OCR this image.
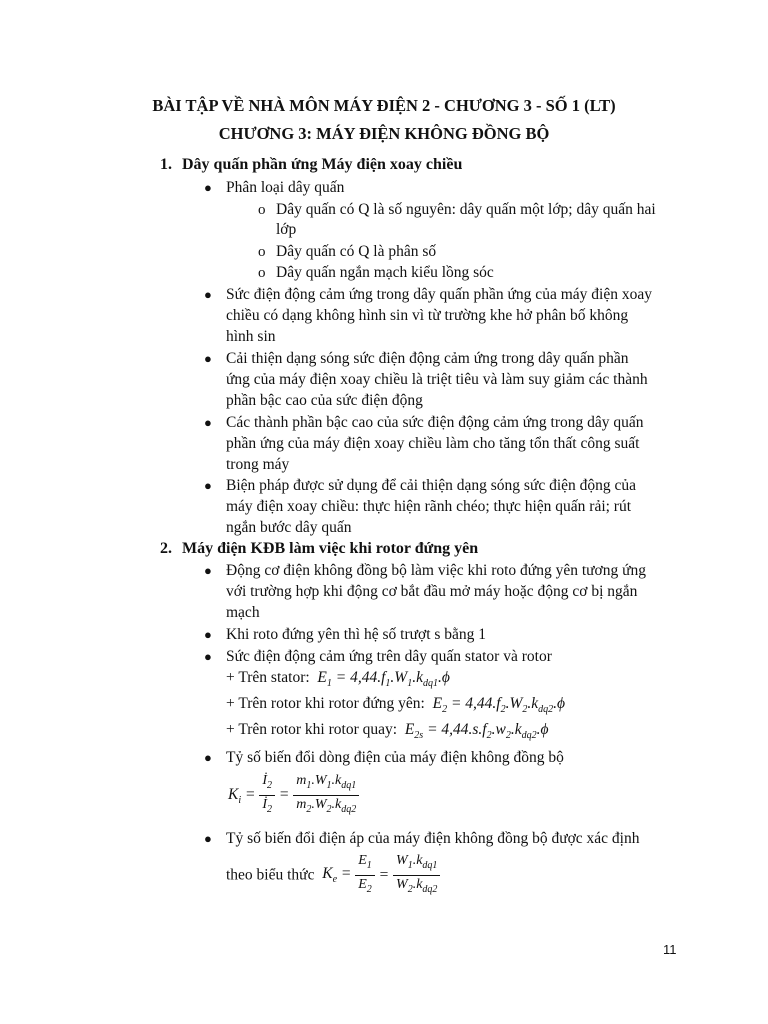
BÀI TẬP VỀ NHÀ MÔN MÁY ĐIỆN 2 - CHƯƠNG 3 - SỐ 1 (LT)
CHƯƠNG 3: MÁY ĐIỆN KHÔNG ĐỒNG BỘ
1. Dây quấn phần ứng Máy điện xoay chiều
● Phân loại dây quấn
o Dây quấn có Q là số nguyên: dây quấn một lớp; dây quấn hai
lớp
o Dây quấn có Q là phân số
o Dây quấn ngắn mạch kiểu lồng sóc
● Sức điện động cảm ứng trong dây quấn phần ứng của máy điện xoay
chiều có dạng không hình sin vì từ trường khe hở phân bố không
hình sin
● Cải thiện dạng sóng sức điện động cảm ứng trong dây quấn phần
ứng của máy điện xoay chiều là triệt tiêu và làm suy giảm các thành
phần bậc cao của sức điện động
● Các thành phần bậc cao của sức điện động cảm ứng trong dây quấn
phần ứng của máy điện xoay chiều làm cho tăng tổn thất công suất
trong máy
● Biện pháp được sử dụng để cải thiện dạng sóng sức điện động của
máy điện xoay chiều: thực hiện rãnh chéo; thực hiện quấn rải; rút
ngắn bước dây quấn
2. Máy điện KĐB làm việc khi rotor đứng yên
● Động cơ điện không đồng bộ làm việc khi roto đứng yên tương ứng
với trường hợp khi động cơ bắt đầu mở máy hoặc động cơ bị ngắn
mạch
● Khi roto đứng yên thì hệ số trượt s bằng 1
● Sức điện động cảm ứng trên dây quấn stator và rotor
+ Trên stator:  $E_1 = 4,44.f_1.W_1.k_{dq1}.\phi$
+ Trên rotor khi rotor đứng yên:  $E_2 = 4,44.f_2.W_2.k_{dq2}.\phi$
+ Trên rotor khi rotor quay:  $E_{2s} = 4,44.s.f_2.w_2.k_{dq2}.\phi$
● Tỷ số biến đổi dòng điện của máy điện không đồng bộ
$K_i = \frac{İ_2}{İ_2} = \frac{m_1.W_1.k_{dq1}}{m_2.W_2.k_{dq2}}$
● Tỷ số biến đổi điện áp của máy điện không đồng bộ được xác định
theo biểu thức  $K_e = \frac{E_1}{E_2} = \frac{W_1.k_{dq1}}{W_2.k_{dq2}}$
11
